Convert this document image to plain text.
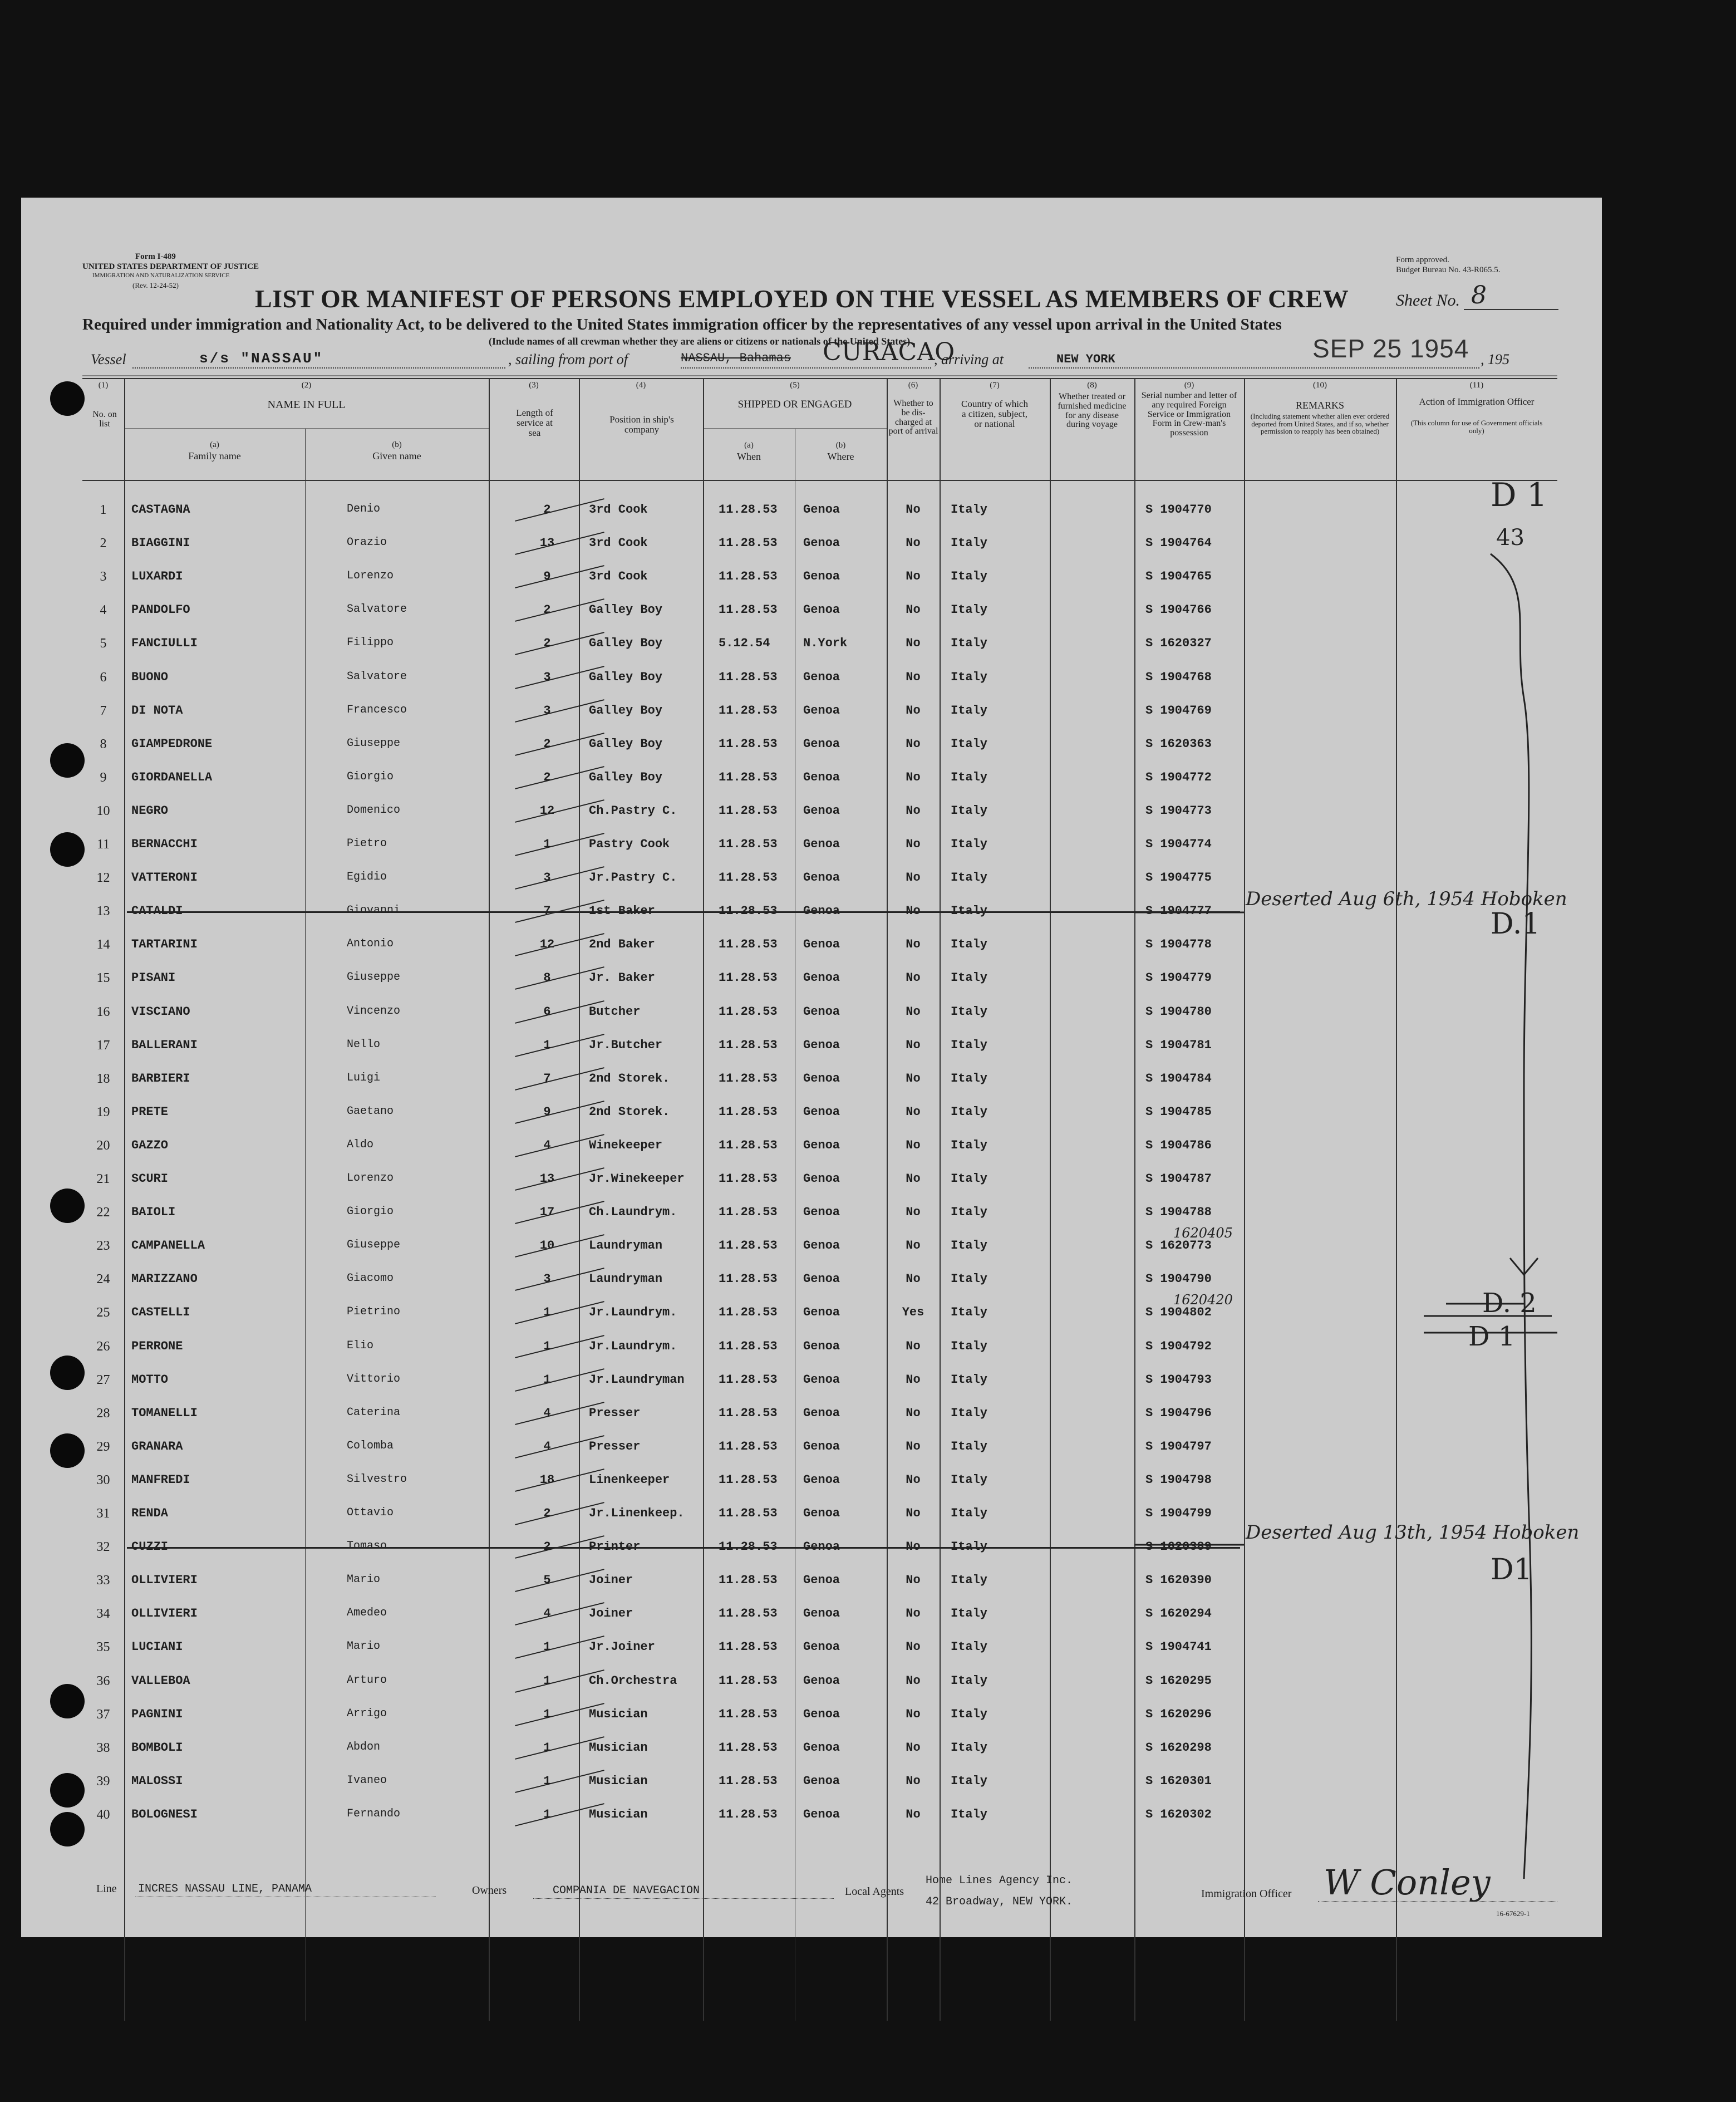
Form I-489
UNITED STATES DEPARTMENT OF JUSTICE
IMMIGRATION AND NATURALIZATION SERVICE
(Rev. 12-24-52)
Form approved.
Budget Bureau No. 43-R065.5.
LIST OR MANIFEST OF PERSONS EMPLOYED ON THE VESSEL AS MEMBERS OF CREW	Sheet No. 8
Required under immigration and Nationality Act, to be delivered to the United States immigration officer by the representatives of any vessel upon arrival in the United States
(Include names of all crewman whether they are aliens or citizens or nationals of the United States)
Vessel	s/s "NASSAU"	, sailing from port of	NASSAU, Bahamas CURACAO
, arriving at	NEW YORK	SEP 25 1954 , 195
(1)
No. on list
(2)
NAME IN FULL
(a)
Family name
(b)
Given name
(3)
Length of service at sea
(4)
Position in ship's company
(5)
SHIPPED OR ENGAGED
(a)
When
(b)
Where
(6)
Whether to be dis-charged at port of arrival
(7)
Country of which a citizen, subject, or national
(8)
Whether treated or furnished medicine for any disease during voyage
(9)
Serial number and letter of any required Foreign Service or Immigration Form in Crew-man's possession
(10)
REMARKS
(Including statement whether alien ever ordered deported from United States, and if so, whether permission to reapply has been obtained)
(11)
Action of Immigration Officer
(This column for use of Government officials only)
1	CASTAGNA	Denio	2	3rd Cook	11.28.53 Genoa	No	Italy	S 1904770
2	BIAGGINI	Orazio	13	3rd Cook	11.28.53 Genoa	No	Italy	S 1904764
3	LUXARDI	Lorenzo	9	3rd Cook	11.28.53 Genoa	No	Italy	S 1904765
4	PANDOLFO	Salvatore	2	Galley Boy	11.28.53 Genoa	No	Italy	S 1904766
5	FANCIULLI	Filippo	2	Galley Boy	5.12.54	N.York	No	Italy	S 1620327
6	BUONO	Salvatore	3	Galley Boy	11.28.53 Genoa	No	Italy	S 1904768
7	DI NOTA	Francesco	3	Galley Boy	11.28.53 Genoa	No	Italy	S 1904769
8	GIAMPEDRONE	Giuseppe	2	Galley Boy	11.28.53 Genoa	No	Italy	S 1620363
9	GIORDANELLA	Giorgio	2	Galley Boy	11.28.53 Genoa	No	Italy	S 1904772
10	NEGRO	Domenico	12	Ch.Pastry C.	11.28.53 Genoa	No	Italy	S 1904773
11	BERNACCHI	Pietro	1	Pastry Cook	11.28.53 Genoa	No	Italy	S 1904774
12	VATTERONI	Egidio	3	Jr.Pastry C.	11.28.53 Genoa	No	Italy	S 1904775
13	CATALDI	Giovanni	7	1st Baker	11.28.53 Genoa	No	Italy	S 1904777
14	TARTARINI	Antonio	12	2nd Baker	11.28.53 Genoa	No	Italy	S 1904778
15	PISANI	Giuseppe	8	Jr. Baker	11.28.53 Genoa	No	Italy	S 1904779
16	VISCIANO	Vincenzo	6	Butcher	11.28.53 Genoa	No	Italy	S 1904780
17	BALLERANI	Nello	1	Jr.Butcher	11.28.53 Genoa	No	Italy	S 1904781
18	BARBIERI	Luigi	7	2nd Storek.	11.28.53 Genoa	No	Italy	S 1904784
19	PRETE	Gaetano	9	2nd Storek.	11.28.53 Genoa	No	Italy	S 1904785
20	GAZZO	Aldo	4	Winekeeper	11.28.53 Genoa	No	Italy	S 1904786
21	SCURI	Lorenzo	13	Jr.Winekeeper	11.28.53 Genoa	No	Italy	S 1904787
22	BAIOLI	Giorgio	17	Ch.Laundrym.	11.28.53 Genoa	No	Italy	S 1904788
23	CAMPANELLA	Giuseppe	10	Laundryman	11.28.53 Genoa	No	Italy	S 1620773
1620405
24	MARIZZANO	Giacomo	3	Laundryman	11.28.53 Genoa	No	Italy	S 1904790
25	CASTELLI	Pietrino	1	Jr.Laundrym.	11.28.53 Genoa	Yes	Italy	S 1904802
1620420
26	PERRONE	Elio	1	Jr.Laundrym.	11.28.53 Genoa	No	Italy	S 1904792
27	MOTTO	Vittorio	1	Jr.Laundryman	11.28.53 Genoa	No	Italy	S 1904793
28	TOMANELLI	Caterina	4	Presser	11.28.53 Genoa	No	Italy	S 1904796
29	GRANARA	Colomba	4	Presser	11.28.53 Genoa	No	Italy	S 1904797
30	MANFREDI	Silvestro	18	Linenkeeper	11.28.53 Genoa	No	Italy	S 1904798
31	RENDA	Ottavio	2	Jr.Linenkeep.	11.28.53 Genoa	No	Italy	S 1904799
32	CUZZI	Tomaso	2	Printer	11.28.53 Genoa	No	Italy	S 1620389
33	OLLIVIERI	Mario	5	Joiner	11.28.53 Genoa	No	Italy	S 1620390
34	OLLIVIERI	Amedeo	4	Joiner	11.28.53 Genoa	No	Italy	S 1620294
35	LUCIANI	Mario	1	Jr.Joiner	11.28.53 Genoa	No	Italy	S 1904741
36	VALLEBOA	Arturo	1	Ch.Orchestra	11.28.53 Genoa	No	Italy	S 1620295
37	PAGNINI	Arrigo	1	Musician	11.28.53 Genoa	No	Italy	S 1620296
38	BOMBOLI	Abdon	1	Musician	11.28.53 Genoa	No	Italy	S 1620298
39	MALOSSI	Ivaneo	1	Musician	11.28.53 Genoa	No	Italy	S 1620301
40	BOLOGNESI	Fernando	1	Musician	11.28.53 Genoa	No	Italy	S 1620302
Deserted Aug 6th, 1954 Hoboken
Deserted Aug 13th, 1954 Hoboken
D 1
43
D.1
D. 2
D 1
D1
Line INCRES NASSAU LINE, PANAMA	Owners	COMPANIA DE NAVEGACION	Local Agents
Home Lines Agency Inc.
42 Broadway, NEW YORK.
Immigration Officer W Conley
16-67629-1
